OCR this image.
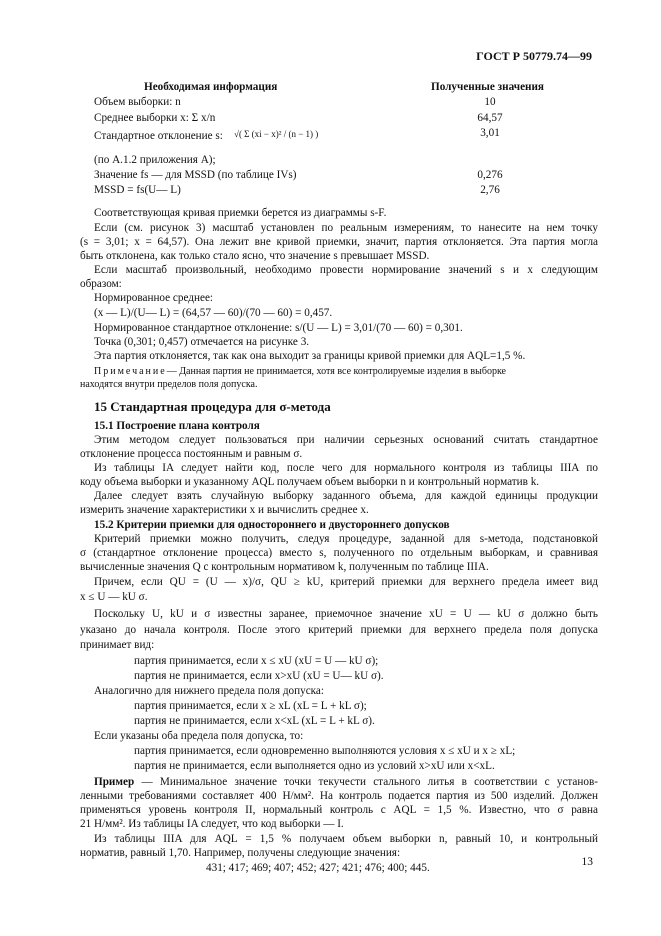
ГОСТ Р 50779.74—99
Необходимая информация	Полученные значения
Объем выборки: n	10
Среднее выборки x: Σ x/n	64,57
Стандартное отклонение s: √( Σ (xi − x)² / (n − 1) )	3,01
(по А.1.2 приложения А);
Значение fs — для MSSD (по таблице IVs)	0,276
MSSD = fs(U— L)	2,76
Соответствующая кривая приемки берется из диаграммы s-F.
Если (см. рисунок 3) масштаб установлен по реальным измерениям, то нанесите на нем точку
(s = 3,01; x = 64,57). Она лежит вне кривой приемки, значит, партия отклоняется. Эта партия могла
быть отклонена, как только стало ясно, что значение s превышает MSSD.
Если масштаб произвольный, необходимо провести нормирование значений s и x следующим
образом:
Нормированное среднее:
(x — L)/(U— L) = (64,57 — 60)/(70 — 60) = 0,457.
Нормированное стандартное отклонение: s/(U — L) = 3,01/(70 — 60) = 0,301.
Точка (0,301; 0,457) отмечается на рисунке 3.
Эта партия отклоняется, так как она выходит за границы кривой приемки для AQL=1,5 %.
Примечание— Данная партия не принимается, хотя все контролируемые изделия в выборке
находятся внутри пределов поля допуска.
15 Стандартная процедура для σ-метода
15.1 Построение плана контроля
Этим методом следует пользоваться при наличии серьезных оснований считать стандартное
отклонение процесса постоянным и равным σ.
Из таблицы IA следует найти код, после чего для нормального контроля из таблицы IIIA по
коду объема выборки и указанному AQL получаем объем выборки n и контрольный норматив k.
Далее следует взять случайную выборку заданного объема, для каждой единицы продукции
измерить значение характеристики x и вычислить среднее x.
15.2 Критерии приемки для одностороннего и двустороннего допусков
Критерий приемки можно получить, следуя процедуре, заданной для s-метода, подстановкой
σ (стандартное отклонение процесса) вместо s, полученного по отдельным выборкам, и сравнивая
вычисленные значения Q с контрольным нормативом k, полученным по таблице IIIA.
Причем, если QU = (U — x)/σ, QU ≥ kU, критерий приемки для верхнего предела имеет вид
x ≤ U — kU σ.
Поскольку U, kU и σ известны заранее, приемочное значение xU = U — kU σ должно быть
указано до начала контроля. После этого критерий приемки для верхнего предела поля допуска
принимает вид:
партия принимается, если x ≤ xU (xU = U — kU σ);
партия не принимается, если x>xU (xU = U— kU σ).
Аналогично для нижнего предела поля допуска:
партия принимается, если x ≥ xL (xL = L + kL σ);
партия не принимается, если x<xL (xL = L + kL σ).
Если указаны оба предела поля допуска, то:
партия принимается, если одновременно выполняются условия x ≤ xU и x ≥ xL;
партия не принимается, если выполняется одно из условий x>xU или x<xL.
Пример — Минимальное значение точки текучести стального литья в соответствии с установ-
ленными требованиями составляет 400 Н/мм². На контроль подается партия из 500 изделий. Должен
применяться уровень контроля II, нормальный контроль с AQL = 1,5 %. Известно, что σ равна
21 Н/мм². Из таблицы IA следует, что код выборки — I.
Из таблицы IIIA для AQL = 1,5 % получаем объем выборки n, равный 10, и контрольный
норматив, равный 1,70. Например, получены следующие значения:
431; 417; 469; 407; 452; 427; 421; 476; 400; 445.	13
